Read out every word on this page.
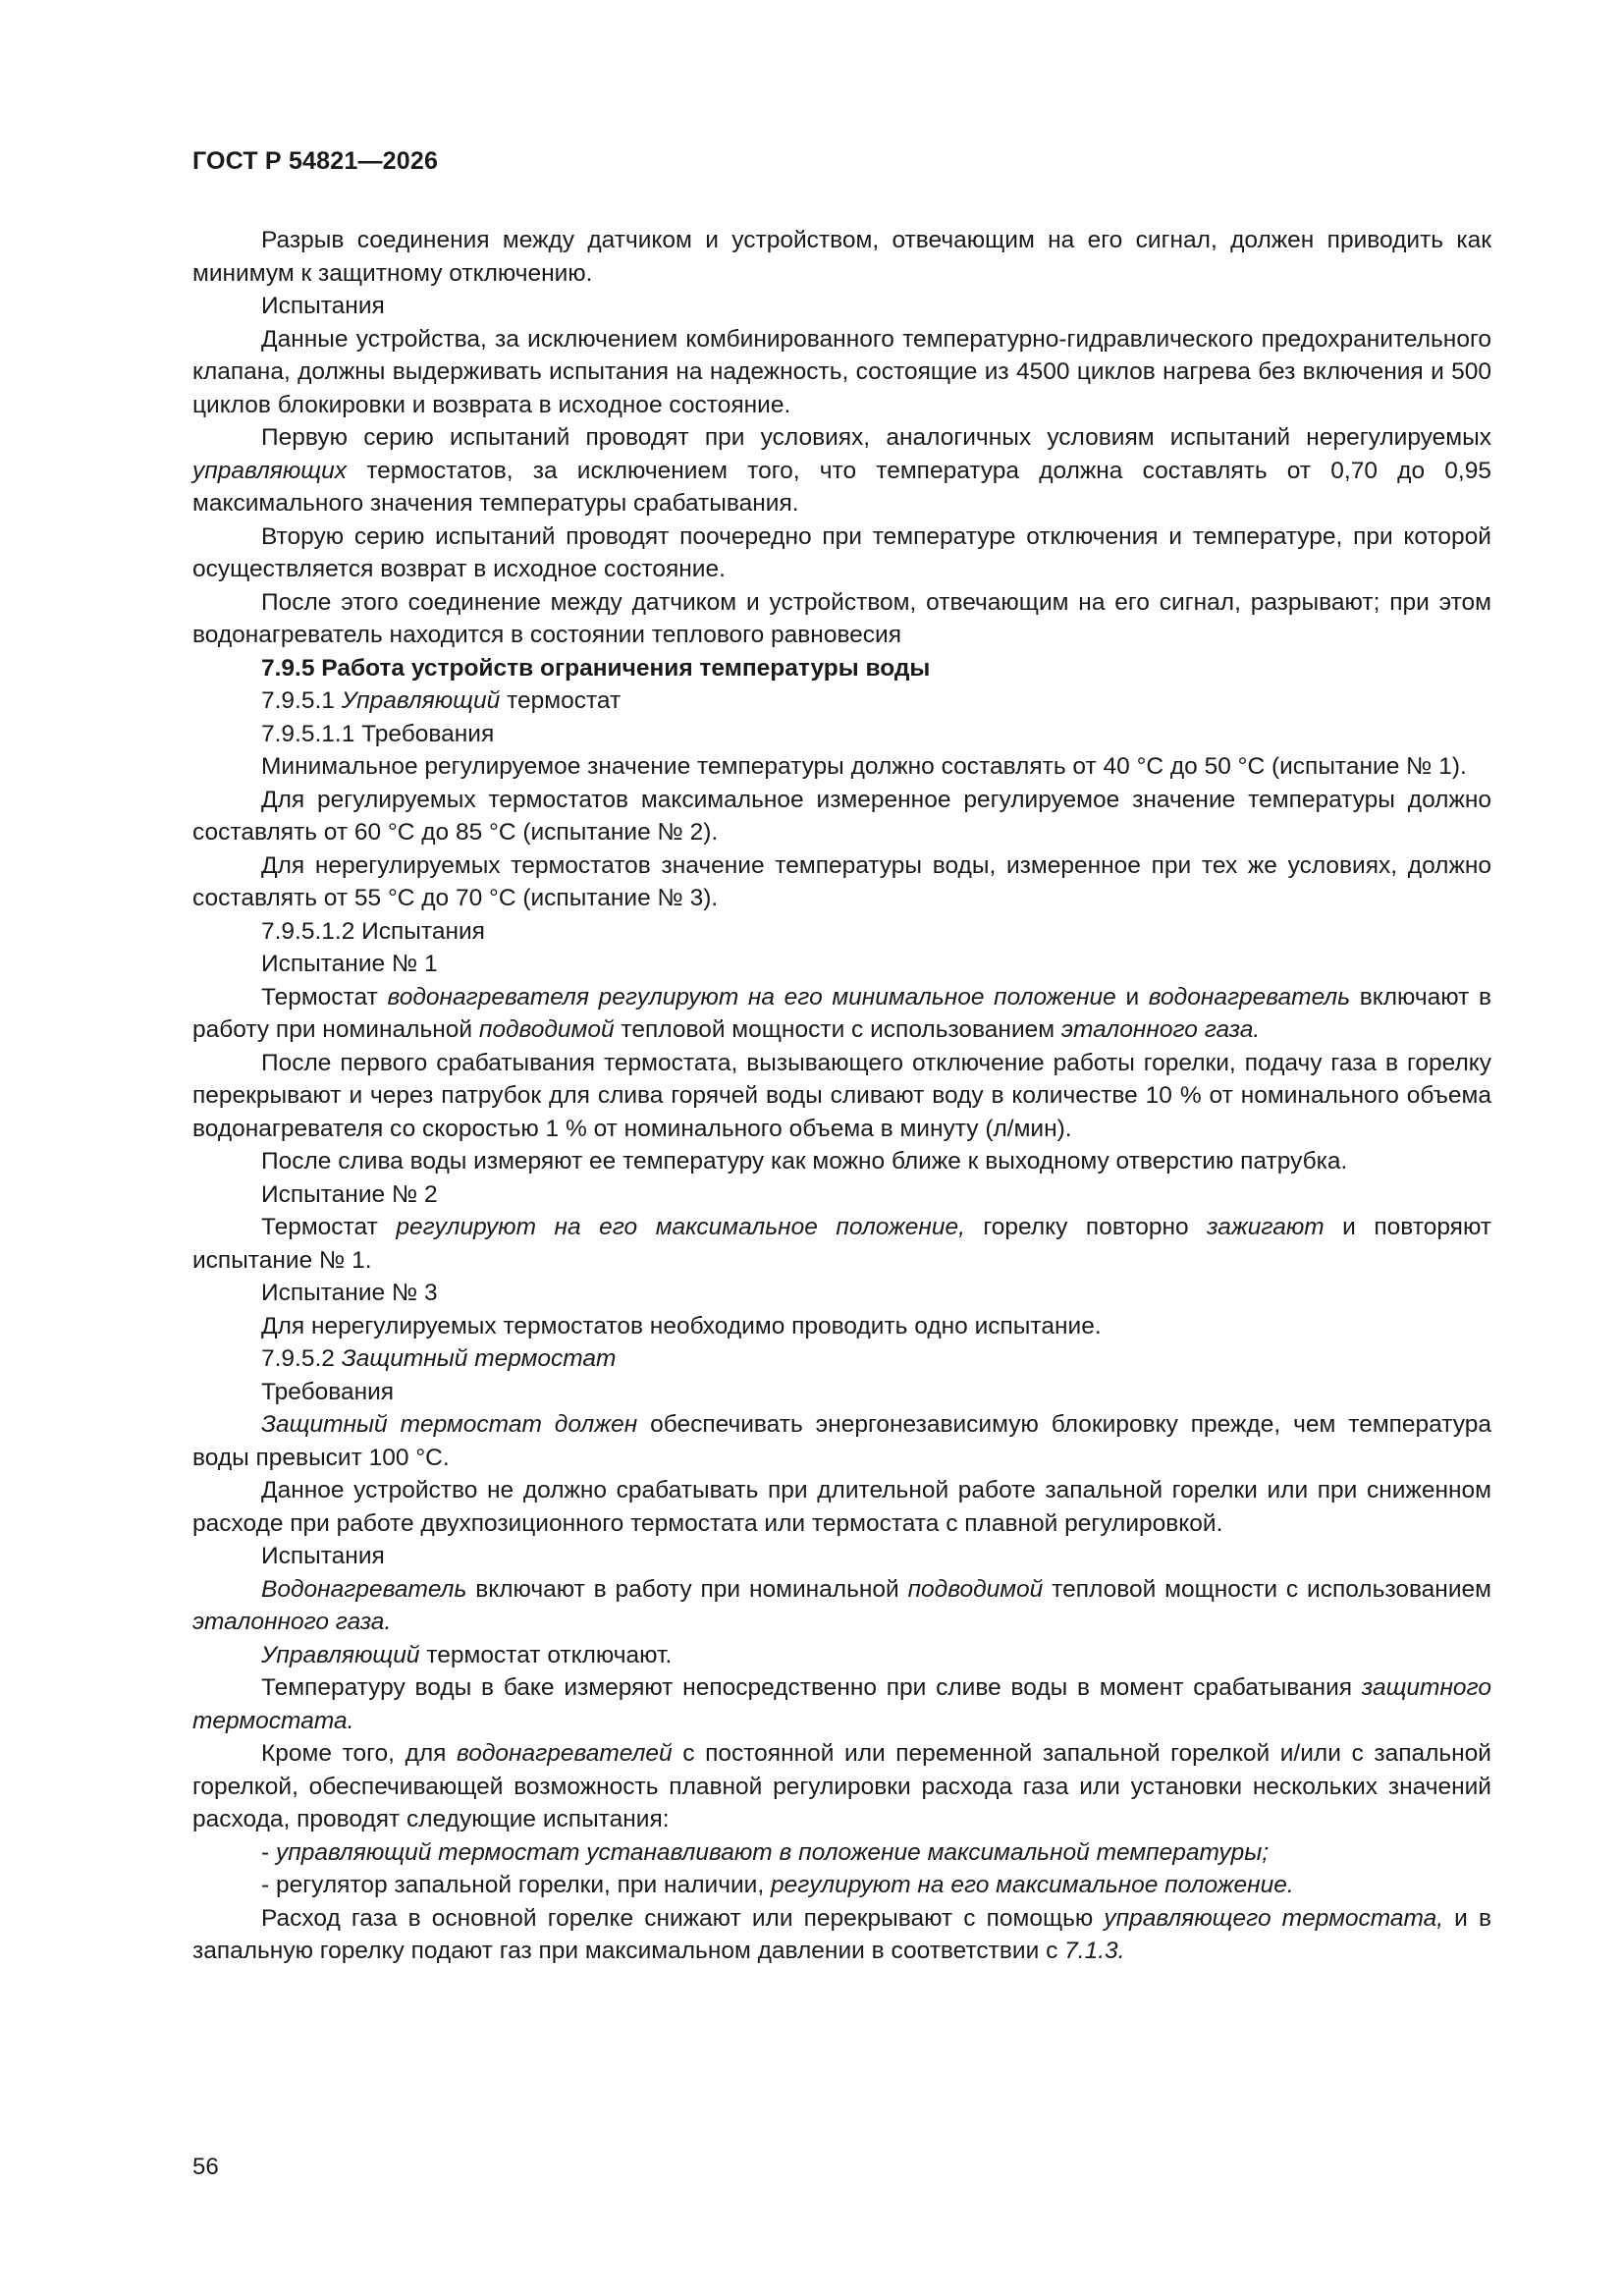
ГОСТ Р 54821—2026

Разрыв соединения между датчиком и устройством, отвечающим на его сигнал, должен приводить как минимум к защитному отключению.

Испытания

Данные устройства, за исключением комбинированного температурно-гидравлического предохранительного клапана, должны выдерживать испытания на надежность, состоящие из 4500 циклов нагрева без включения и 500 циклов блокировки и возврата в исходное состояние.

Первую серию испытаний проводят при условиях, аналогичных условиям испытаний нерегулируемых управляющих термостатов, за исключением того, что температура должна составлять от 0,70 до 0,95 максимального значения температуры срабатывания.

Вторую серию испытаний проводят поочередно при температуре отключения и температуре, при которой осуществляется возврат в исходное состояние.

После этого соединение между датчиком и устройством, отвечающим на его сигнал, разрывают; при этом водонагреватель находится в состоянии теплового равновесия

7.9.5 Работа устройств ограничения температуры воды

7.9.5.1 Управляющий термостат

7.9.5.1.1 Требования

Минимальное регулируемое значение температуры должно составлять от 40 °C до 50 °C (испытание № 1).

Для регулируемых термостатов максимальное измеренное регулируемое значение температуры должно составлять от 60 °C до 85 °C (испытание № 2).

Для нерегулируемых термостатов значение температуры воды, измеренное при тех же условиях, должно составлять от 55 °C до 70 °C (испытание № 3).

7.9.5.1.2 Испытания

Испытание № 1

Термостат водонагревателя регулируют на его минимальное положение и водонагреватель включают в работу при номинальной подводимой тепловой мощности с использованием эталонного газа.

После первого срабатывания термостата, вызывающего отключение работы горелки, подачу газа в горелку перекрывают и через патрубок для слива горячей воды сливают воду в количестве 10 % от номинального объема водонагревателя со скоростью 1 % от номинального объема в минуту (л/мин).

После слива воды измеряют ее температуру как можно ближе к выходному отверстию патрубка.

Испытание № 2

Термостат регулируют на его максимальное положение, горелку повторно зажигают и повторяют испытание № 1.

Испытание № 3

Для нерегулируемых термостатов необходимо проводить одно испытание.

7.9.5.2 Защитный термостат

Требования

Защитный термостат должен обеспечивать энергонезависимую блокировку прежде, чем температура воды превысит 100 °C.

Данное устройство не должно срабатывать при длительной работе запальной горелки или при сниженном расходе при работе двухпозиционного термостата или термостата с плавной регулировкой.

Испытания

Водонагреватель включают в работу при номинальной подводимой тепловой мощности с использованием эталонного газа.

Управляющий термостат отключают.

Температуру воды в баке измеряют непосредственно при сливе воды в момент срабатывания защитного термостата.

Кроме того, для водонагревателей с постоянной или переменной запальной горелкой и/или с запальной горелкой, обеспечивающей возможность плавной регулировки расхода газа или установки нескольких значений расхода, проводят следующие испытания:

- управляющий термостат устанавливают в положение максимальной температуры;

- регулятор запальной горелки, при наличии, регулируют на его максимальное положение.

Расход газа в основной горелке снижают или перекрывают с помощью управляющего термостата, и в запальную горелку подают газ при максимальном давлении в соответствии с 7.1.3.

56
